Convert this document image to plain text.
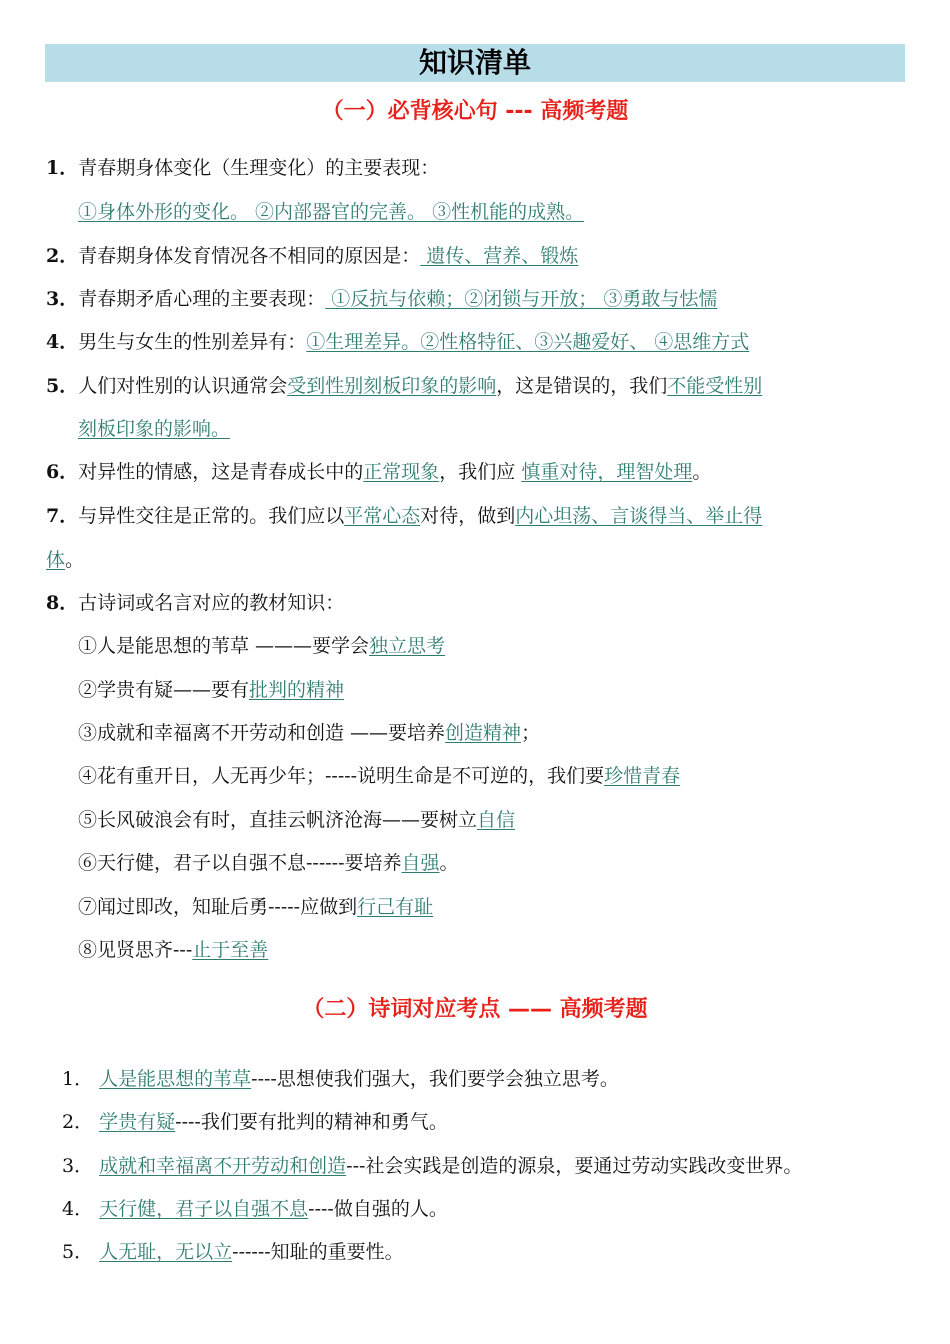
知识清单
（一）必背核心句 --- 高频考题
1．青春期身体变化（生理变化）的主要表现：
①身体外形的变化。 ②内部器官的完善。 ③性机能的成熟。
2．青春期身体发育情况各不相同的原因是： 遗传、营养、锻炼
3．青春期矛盾心理的主要表现： ①反抗与依赖；②闭锁与开放； ③勇敢与怯懦
4．男生与女生的性别差异有：①生理差异。②性格特征、③兴趣爱好、 ④思维方式
5．人们对性别的认识通常会受到性别刻板印象的影响，这是错误的，我们不能受性别
刻板印象的影响。
6．对异性的情感，这是青春成长中的正常现象，我们应 慎重对待，理智处理。
7．与异性交往是正常的。我们应以平常心态对待，做到内心坦荡、言谈得当、举止得
体。
8．古诗词或名言对应的教材知识：
①人是能思想的苇草 ———要学会独立思考
②学贵有疑——要有批判的精神
③成就和幸福离不开劳动和创造 ——要培养创造精神；
④花有重开日，人无再少年；-----说明生命是不可逆的，我们要珍惜青春
⑤长风破浪会有时，直挂云帆济沧海——要树立自信
⑥天行健，君子以自强不息------要培养自强。
⑦闻过即改，知耻后勇-----应做到行己有耻
⑧见贤思齐---止于至善
（二）诗词对应考点 —— 高频考题
1． 人是能思想的苇草----思想使我们强大，我们要学会独立思考。
2． 学贵有疑----我们要有批判的精神和勇气。
3． 成就和幸福离不开劳动和创造---社会实践是创造的源泉，要通过劳动实践改变世界。
4． 天行健，君子以自强不息----做自强的人。
5． 人无耻，无以立------知耻的重要性。
